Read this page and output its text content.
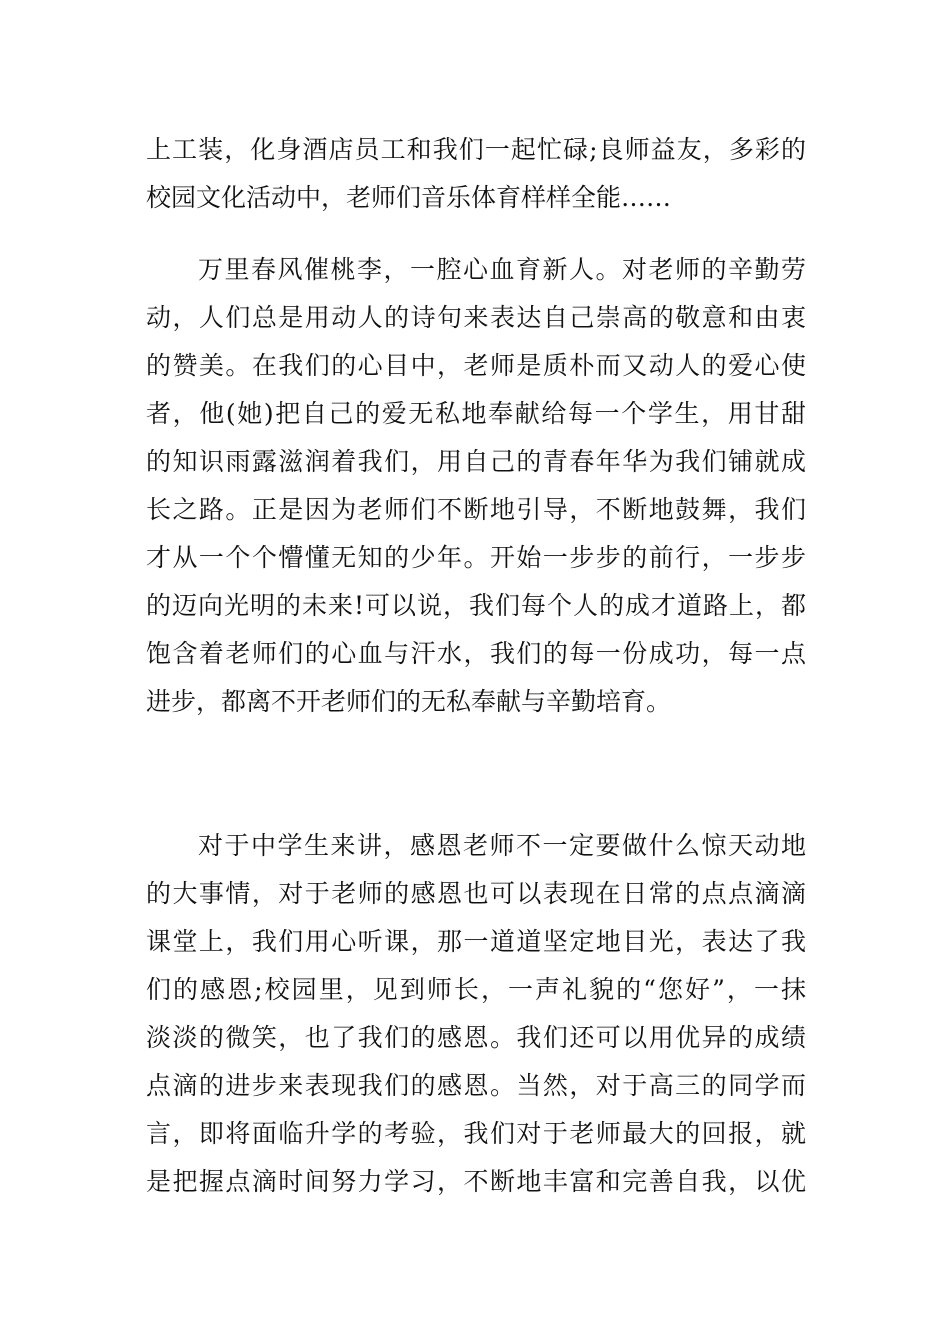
上工装，化身酒店员工和我们一起忙碌;良师益友，多彩的
校园文化活动中，老师们音乐体育样样全能……
万里春风催桃李，一腔心血育新人。对老师的辛勤劳
动，人们总是用动人的诗句来表达自己崇高的敬意和由衷
的赞美。在我们的心目中，老师是质朴而又动人的爱心使
者，他(她)把自己的爱无私地奉献给每一个学生，用甘甜
的知识雨露滋润着我们，用自己的青春年华为我们铺就成
长之路。正是因为老师们不断地引导，不断地鼓舞，我们
才从一个个懵懂无知的少年。开始一步步的前行，一步步
的迈向光明的未来!可以说，我们每个人的成才道路上，都
饱含着老师们的心血与汗水，我们的每一份成功，每一点
进步，都离不开老师们的无私奉献与辛勤培育。
对于中学生来讲，感恩老师不一定要做什么惊天动地
的大事情，对于老师的感恩也可以表现在日常的点点滴滴
课堂上，我们用心听课，那一道道坚定地目光，表达了我
们的感恩;校园里，见到师长，一声礼貌的“您好”，一抹
淡淡的微笑，也了我们的感恩。我们还可以用优异的成绩
点滴的进步来表现我们的感恩。当然，对于高三的同学而
言，即将面临升学的考验，我们对于老师最大的回报，就
是把握点滴时间努力学习，不断地丰富和完善自我，以优
